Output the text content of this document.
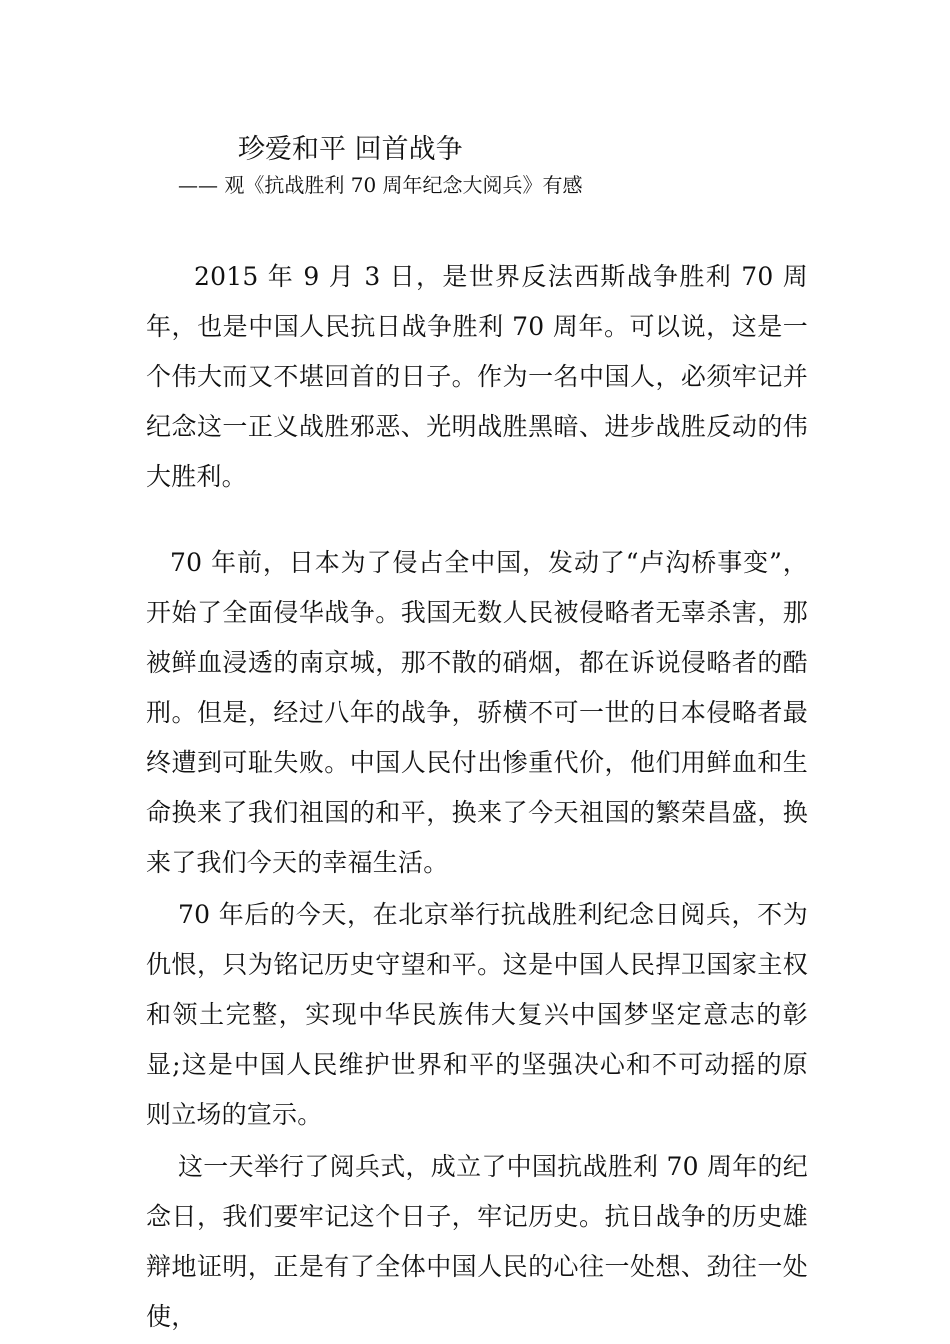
珍爱和平 回首战争
—— 观《抗战胜利 70 周年纪念大阅兵》有感

2015 年 9 月 3 日，是世界反法西斯战争胜利 70 周年，也是中国人民抗日战争胜利 70 周年。可以说，这是一个伟大而又不堪回首的日子。作为一名中国人，必须牢记并纪念这一正义战胜邪恶、光明战胜黑暗、进步战胜反动的伟大胜利。

70 年前，日本为了侵占全中国，发动了“卢沟桥事变”，开始了全面侵华战争。我国无数人民被侵略者无辜杀害，那被鲜血浸透的南京城，那不散的硝烟，都在诉说侵略者的酷刑。但是，经过八年的战争，骄横不可一世的日本侵略者最终遭到可耻失败。中国人民付出惨重代价，他们用鲜血和生命换来了我们祖国的和平，换来了今天祖国的繁荣昌盛，换来了我们今天的幸福生活。

70 年后的今天，在北京举行抗战胜利纪念日阅兵，不为仇恨，只为铭记历史守望和平。这是中国人民捍卫国家主权和领土完整，实现中华民族伟大复兴中国梦坚定意志的彰显;这是中国人民维护世界和平的坚强决心和不可动摇的原则立场的宣示。

这一天举行了阅兵式，成立了中国抗战胜利 70 周年的纪念日，我们要牢记这个日子，牢记历史。抗日战争的历史雄辩地证明，正是有了全体中国人民的心往一处想、劲往一处使，
